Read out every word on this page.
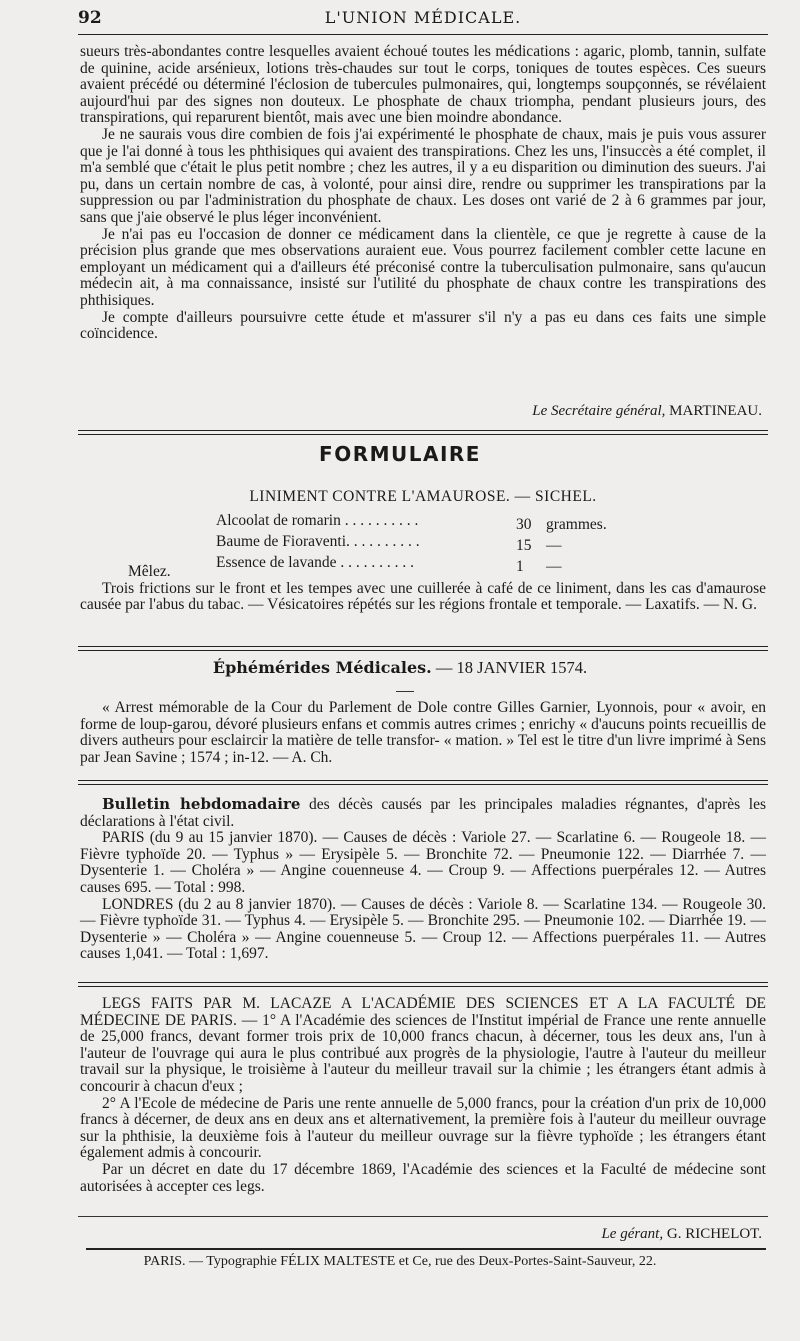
92	L'UNION MÉDICALE.

sueurs très-abondantes contre lesquelles avaient échoué toutes les médications : agaric, plomb, tannin, sulfate de quinine, acide arsénieux, lotions très-chaudes sur tout le corps, toniques de toutes espèces. Ces sueurs avaient précédé ou déterminé l'éclosion de tubercules pulmonaires, qui, longtemps soupçonnés, se révélaient aujourd'hui par des signes non douteux. Le phosphate de chaux triompha, pendant plusieurs jours, des transpirations, qui reparurent bientôt, mais avec une bien moindre abondance.

Je ne saurais vous dire combien de fois j'ai expérimenté le phosphate de chaux, mais je puis vous assurer que je l'ai donné à tous les phthisiques qui avaient des transpirations. Chez les uns, l'insuccès a été complet, il m'a semblé que c'était le plus petit nombre ; chez les autres, il y a eu disparition ou diminution des sueurs. J'ai pu, dans un certain nombre de cas, à volonté, pour ainsi dire, rendre ou supprimer les transpirations par la suppression ou par l'administration du phosphate de chaux. Les doses ont varié de 2 à 6 grammes par jour, sans que j'aie observé le plus léger inconvénient.

Je n'ai pas eu l'occasion de donner ce médicament dans la clientèle, ce que je regrette à cause de la précision plus grande que mes observations auraient eue. Vous pourrez facilement combler cette lacune en employant un médicament qui a d'ailleurs été préconisé contre la tuberculisation pulmonaire, sans qu'aucun médecin ait, à ma connaissance, insisté sur l'utilité du phosphate de chaux contre les transpirations des phthisiques.

Je compte d'ailleurs poursuivre cette étude et m'assurer s'il n'y a pas eu dans ces faits une simple coïncidence.

Le Secrétaire général, MARTINEAU.
FORMULAIRE
LINIMENT CONTRE L'AMAUROSE. — SICHEL.
Alcoolat de romarin . . . . . . . . . .	30 grammes.
Baume de Fioraventi. . . . . . . . . .	15 —
Essence de lavande . . . . . . . . . .	1 —

Mêlez.

Trois frictions sur le front et les tempes avec une cuillerée à café de ce liniment, dans les cas d'amaurose causée par l'abus du tabac. — Vésicatoires répétés sur les régions frontale et temporale. — Laxatifs. — N. G.

Éphémérides Médicales. — 18 JANVIER 1574.

« Arrest mémorable de la Cour du Parlement de Dole contre Gilles Garnier, Lyonnois, pour « avoir, en forme de loup-garou, dévoré plusieurs enfans et commis autres crimes ; enrichy « d'aucuns points recueillis de divers autheurs pour esclaircir la matière de telle transfor- « mation. » Tel est le titre d'un livre imprimé à Sens par Jean Savine ; 1574 ; in-12. — A. Ch.

Bulletin hebdomadaire des décès causés par les principales maladies régnantes, d'après les déclarations à l'état civil.

PARIS (du 9 au 15 janvier 1870). — Causes de décès : Variole 27. — Scarlatine 6. — Rougeole 18. — Fièvre typhoïde 20. — Typhus » — Erysipèle 5. — Bronchite 72. — Pneumonie 122. — Diarrhée 7. — Dysenterie 1. — Choléra » — Angine couenneuse 4. — Croup 9. — Affections puerpérales 12. — Autres causes 695. — Total : 998.

LONDRES (du 2 au 8 janvier 1870). — Causes de décès : Variole 8. — Scarlatine 134. — Rougeole 30. — Fièvre typhoïde 31. — Typhus 4. — Erysipèle 5. — Bronchite 295. — Pneumonie 102. — Diarrhée 19. — Dysenterie » — Choléra » — Angine couenneuse 5. — Croup 12. — Affections puerpérales 11. — Autres causes 1,041. — Total : 1,697.

LEGS FAITS PAR M. LACAZE A L'ACADÉMIE DES SCIENCES ET A LA FACULTÉ DE MÉDECINE DE PARIS. — 1° A l'Académie des sciences de l'Institut impérial de France une rente annuelle de 25,000 francs, devant former trois prix de 10,000 francs chacun, à décerner, tous les deux ans, l'un à l'auteur de l'ouvrage qui aura le plus contribué aux progrès de la physiologie, l'autre à l'auteur du meilleur travail sur la physique, le troisième à l'auteur du meilleur travail sur la chimie ; les étrangers étant admis à concourir à chacun d'eux ;

2° A l'Ecole de médecine de Paris une rente annuelle de 5,000 francs, pour la création d'un prix de 10,000 francs à décerner, de deux ans en deux ans et alternativement, la première fois à l'auteur du meilleur ouvrage sur la phthisie, la deuxième fois à l'auteur du meilleur ouvrage sur la fièvre typhoïde ; les étrangers étant également admis à concourir.

Par un décret en date du 17 décembre 1869, l'Académie des sciences et la Faculté de médecine sont autorisées à accepter ces legs.

Le gérant, G. RICHELOT.
PARIS. — Typographie FÉLIX MALTESTE et Ce, rue des Deux-Portes-Saint-Sauveur, 22.
